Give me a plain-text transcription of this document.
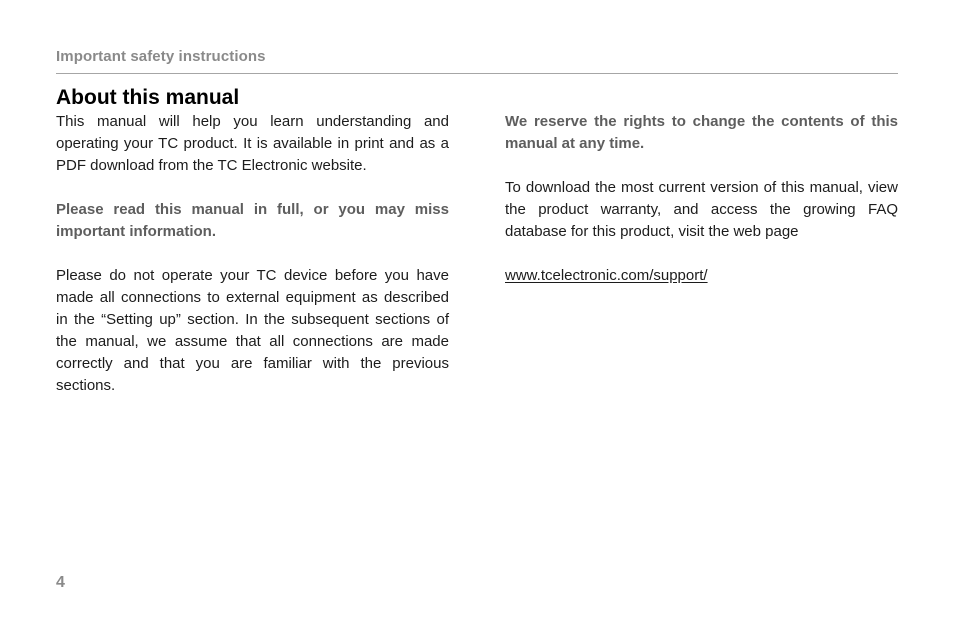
Important safety instructions
About this manual

This manual will help you learn understanding and operating your TC product. It is available in print and as a PDF download from the TC Electronic website.

Please read this manual in full, or you may miss important information.

Please do not operate your TC device before you have made all connections to external equipment as described in the “Setting up” section. In the subsequent sections of the manual, we assume that all connections are made correctly and that you are familiar with the previous sections.

We reserve the rights to change the contents of this manual at any time.

To download the most current version of this manual, view the product warranty, and access the growing FAQ database for this product, visit the web page

www.tcelectronic.com/support/

4
